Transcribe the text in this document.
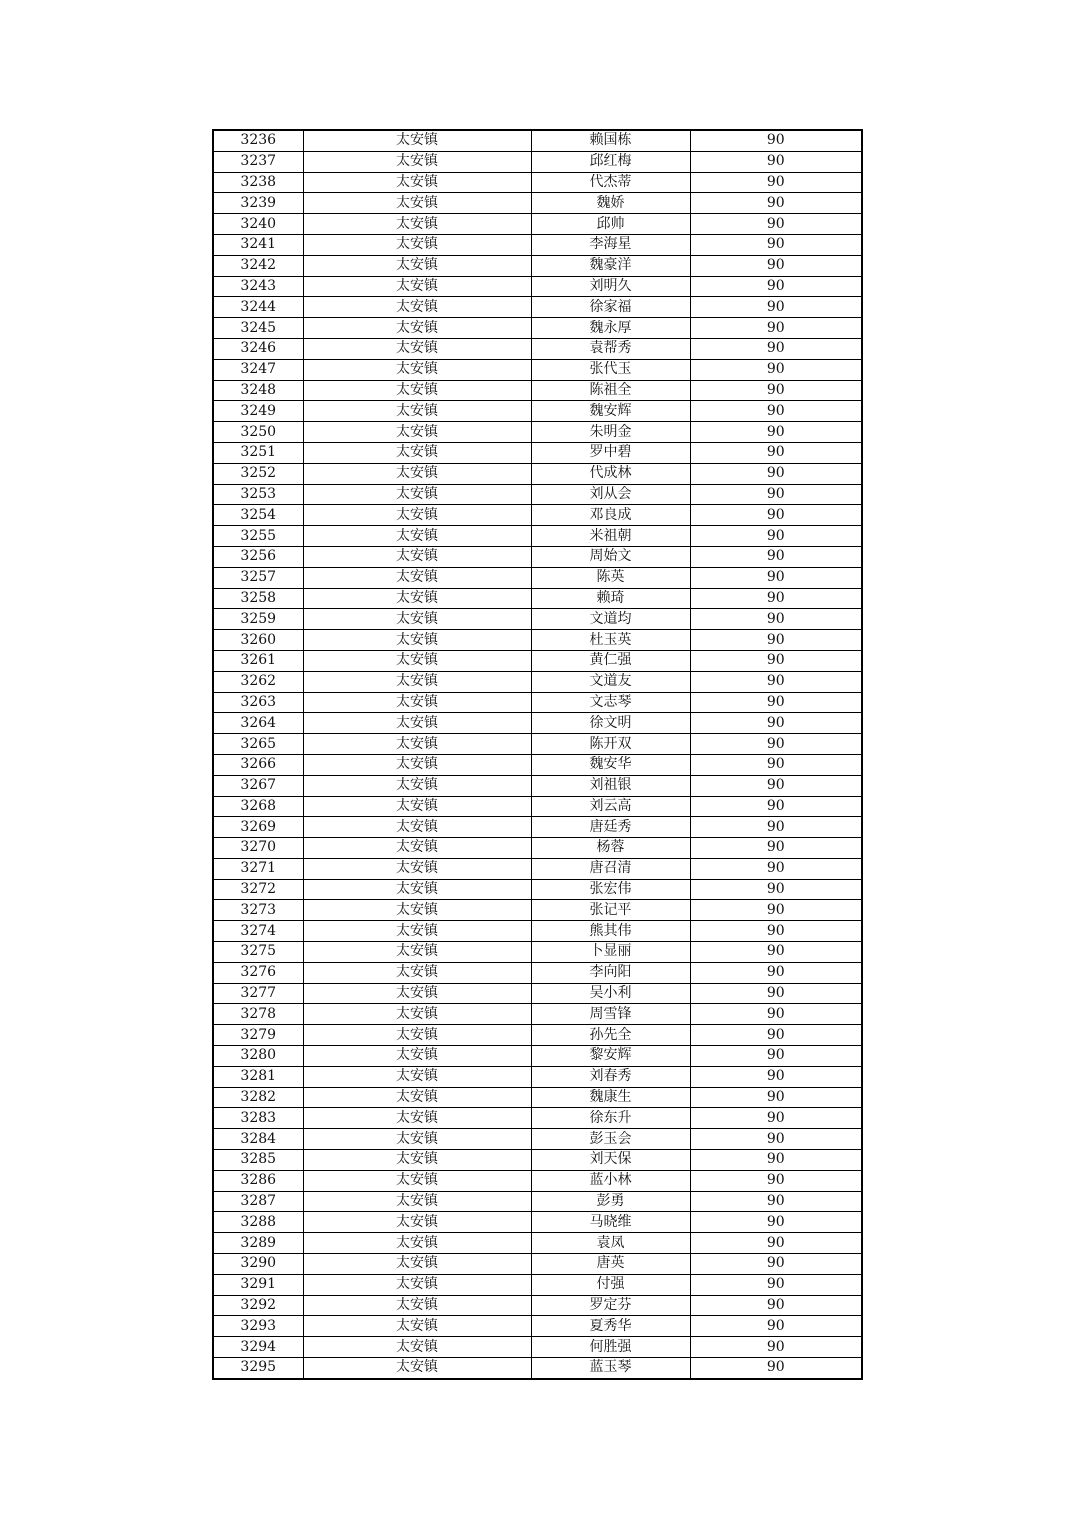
3236	太安镇	赖国栋	90
3237	太安镇	邱红梅	90
3238	太安镇	代杰蒂	90
3239	太安镇	魏娇	90
3240	太安镇	邱帅	90
3241	太安镇	李海星	90
3242	太安镇	魏豪洋	90
3243	太安镇	刘明久	90
3244	太安镇	徐家福	90
3245	太安镇	魏永厚	90
3246	太安镇	袁帮秀	90
3247	太安镇	张代玉	90
3248	太安镇	陈祖全	90
3249	太安镇	魏安辉	90
3250	太安镇	朱明金	90
3251	太安镇	罗中碧	90
3252	太安镇	代成林	90
3253	太安镇	刘从会	90
3254	太安镇	邓良成	90
3255	太安镇	米祖朝	90
3256	太安镇	周始文	90
3257	太安镇	陈英	90
3258	太安镇	赖琦	90
3259	太安镇	文道均	90
3260	太安镇	杜玉英	90
3261	太安镇	黄仁强	90
3262	太安镇	文道友	90
3263	太安镇	文志琴	90
3264	太安镇	徐文明	90
3265	太安镇	陈开双	90
3266	太安镇	魏安华	90
3267	太安镇	刘祖银	90
3268	太安镇	刘云高	90
3269	太安镇	唐廷秀	90
3270	太安镇	杨蓉	90
3271	太安镇	唐召清	90
3272	太安镇	张宏伟	90
3273	太安镇	张记平	90
3274	太安镇	熊其伟	90
3275	太安镇	卜显丽	90
3276	太安镇	李向阳	90
3277	太安镇	吴小利	90
3278	太安镇	周雪锋	90
3279	太安镇	孙先全	90
3280	太安镇	黎安辉	90
3281	太安镇	刘春秀	90
3282	太安镇	魏康生	90
3283	太安镇	徐东升	90
3284	太安镇	彭玉会	90
3285	太安镇	刘天保	90
3286	太安镇	蓝小林	90
3287	太安镇	彭勇	90
3288	太安镇	马晓维	90
3289	太安镇	袁凤	90
3290	太安镇	唐英	90
3291	太安镇	付强	90
3292	太安镇	罗定芬	90
3293	太安镇	夏秀华	90
3294	太安镇	何胜强	90
3295	太安镇	蓝玉琴	90
